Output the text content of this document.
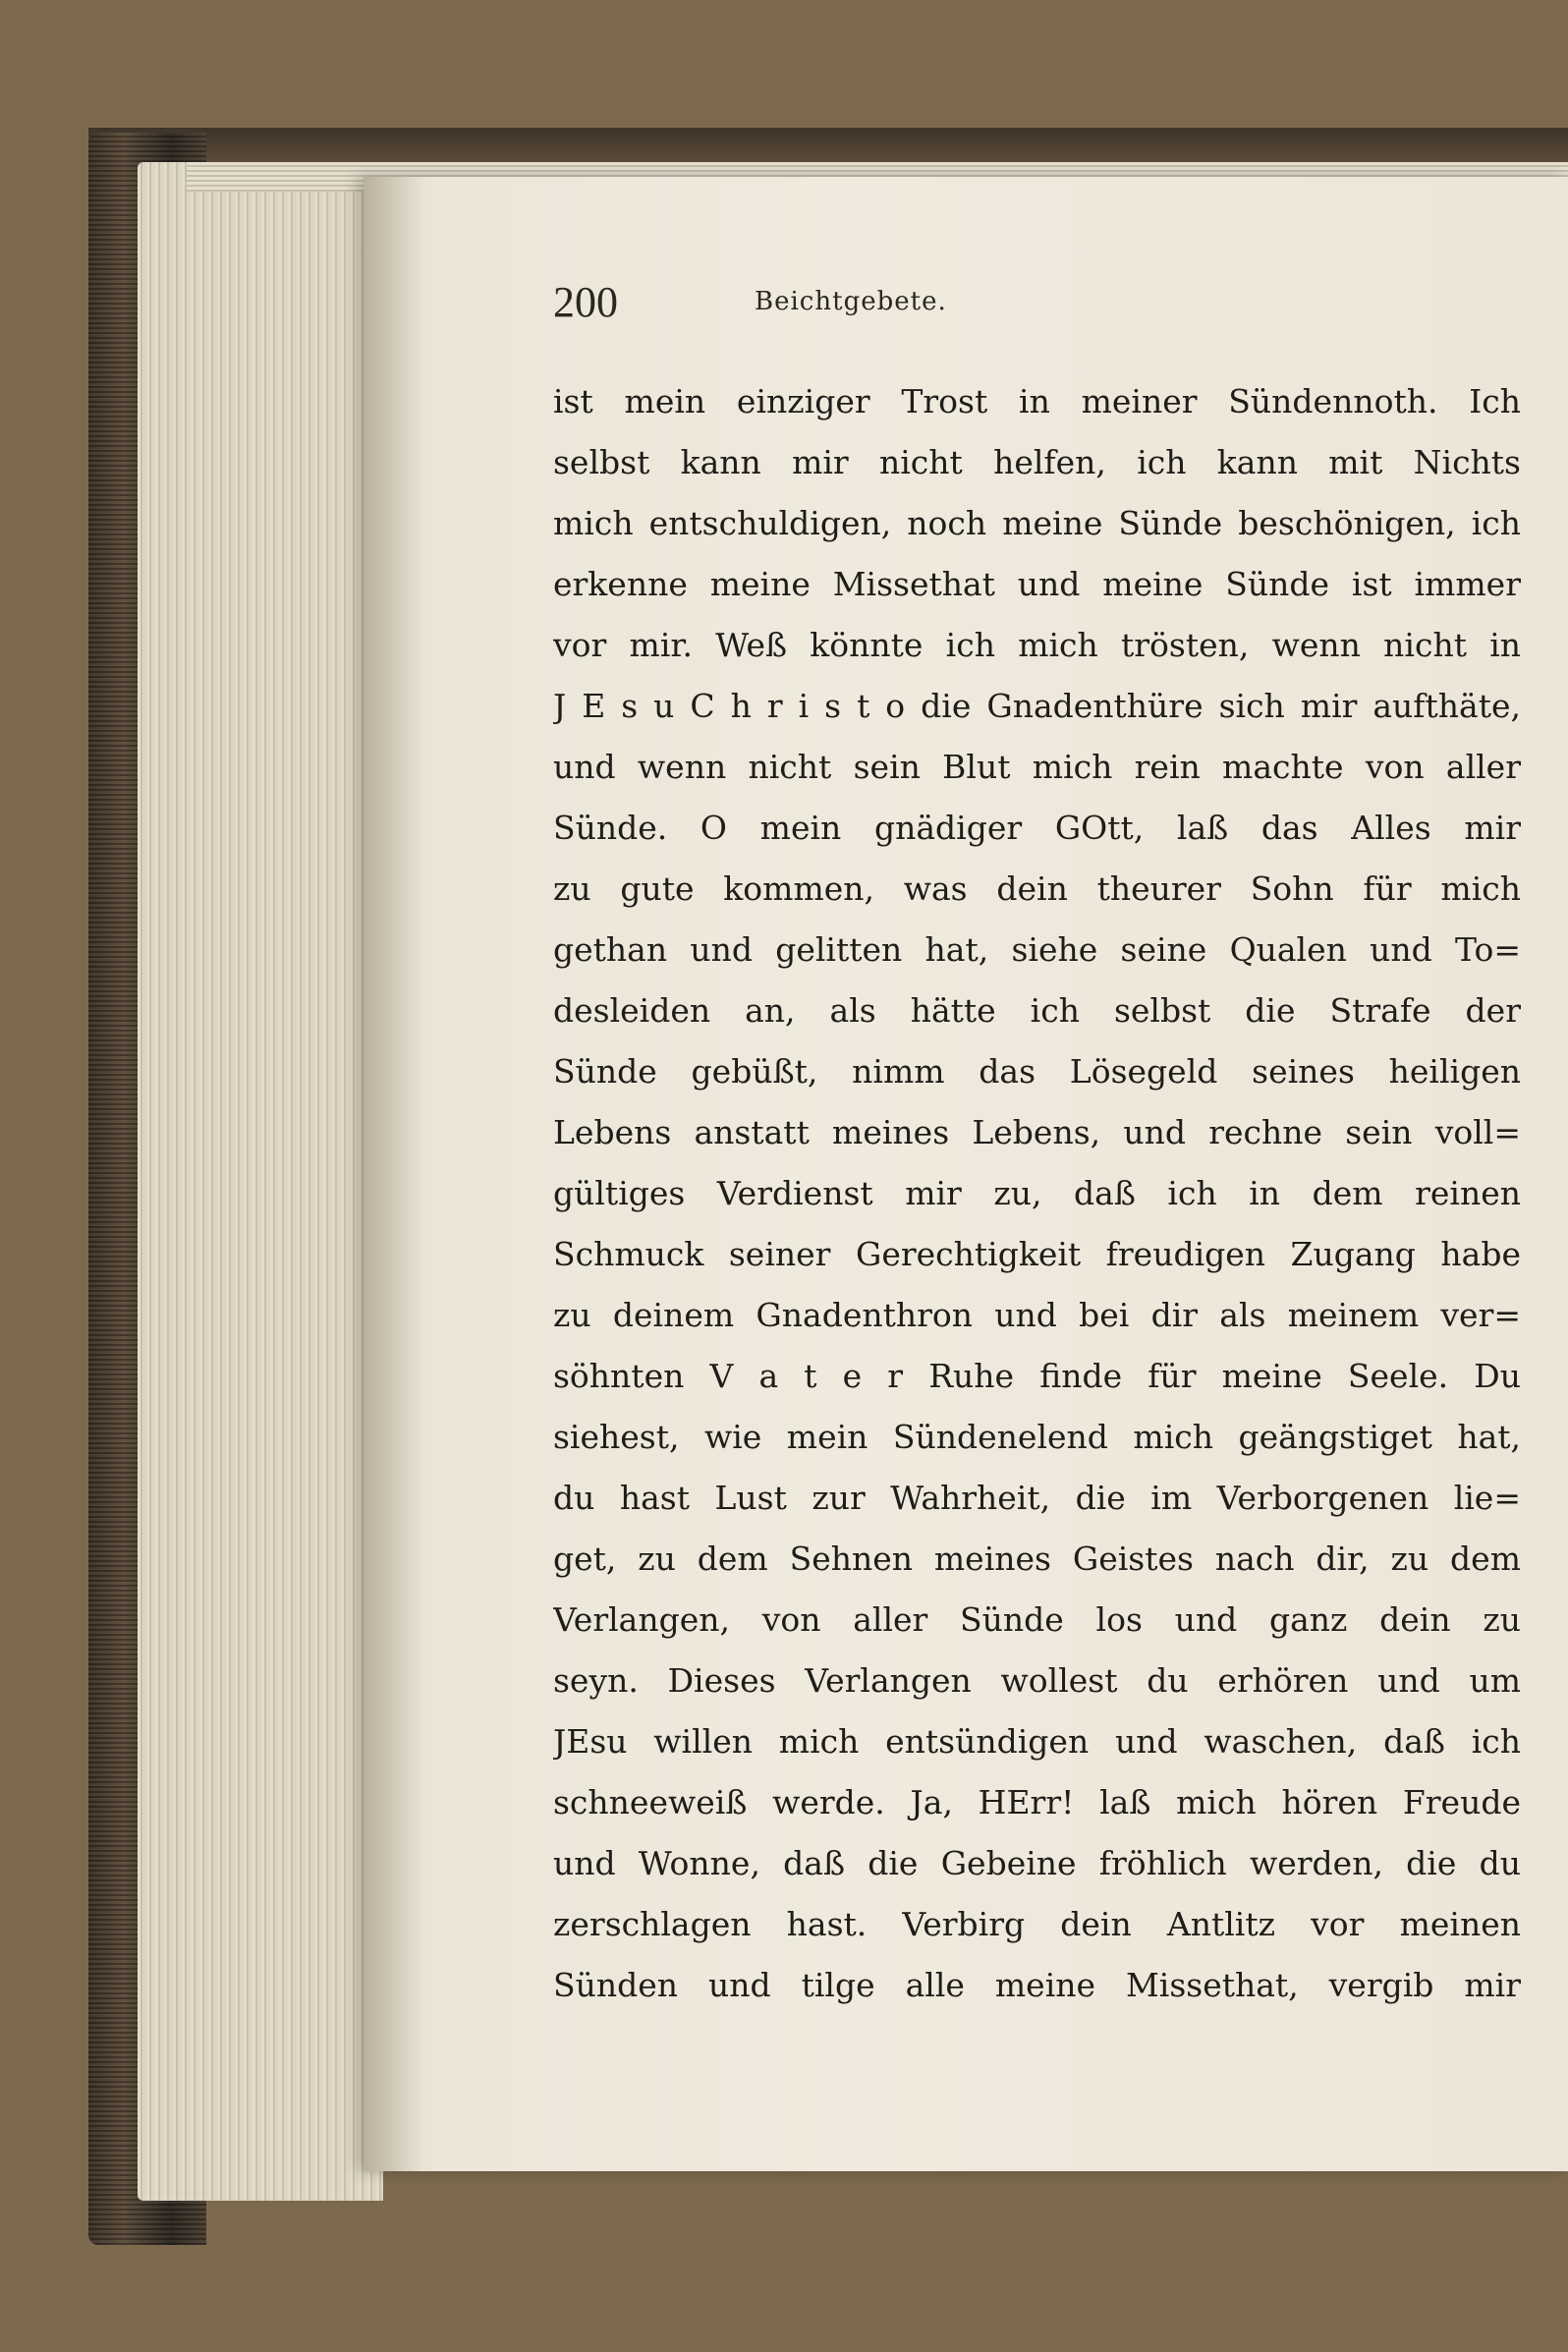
200	Beichtgebete.
ist mein einziger Trost in meiner Sündennoth. Ich
selbst kann mir nicht helfen, ich kann mit Nichts
mich entschuldigen, noch meine Sünde beschönigen, ich
erkenne meine Missethat und meine Sünde ist immer
vor mir. Weß könnte ich mich trösten, wenn nicht in
J E s u C h r i s t o die Gnadenthüre sich mir aufthäte,
und wenn nicht sein Blut mich rein machte von aller
Sünde. O mein gnädiger GOtt, laß das Alles mir
zu gute kommen, was dein theurer Sohn für mich
gethan und gelitten hat, siehe seine Qualen und To=
desleiden an, als hätte ich selbst die Strafe der
Sünde gebüßt, nimm das Lösegeld seines heiligen
Lebens anstatt meines Lebens, und rechne sein voll=
gültiges Verdienst mir zu, daß ich in dem reinen
Schmuck seiner Gerechtigkeit freudigen Zugang habe
zu deinem Gnadenthron und bei dir als meinem ver=
söhnten V a t e r Ruhe finde für meine Seele. Du
siehest, wie mein Sündenelend mich geängstiget hat,
du hast Lust zur Wahrheit, die im Verborgenen lie=
get, zu dem Sehnen meines Geistes nach dir, zu dem
Verlangen, von aller Sünde los und ganz dein zu
seyn. Dieses Verlangen wollest du erhören und um
JEsu willen mich entsündigen und waschen, daß ich
schneeweiß werde. Ja, HErr! laß mich hören Freude
und Wonne, daß die Gebeine fröhlich werden, die du
zerschlagen hast. Verbirg dein Antlitz vor meinen
Sünden und tilge alle meine Missethat, vergib mir
